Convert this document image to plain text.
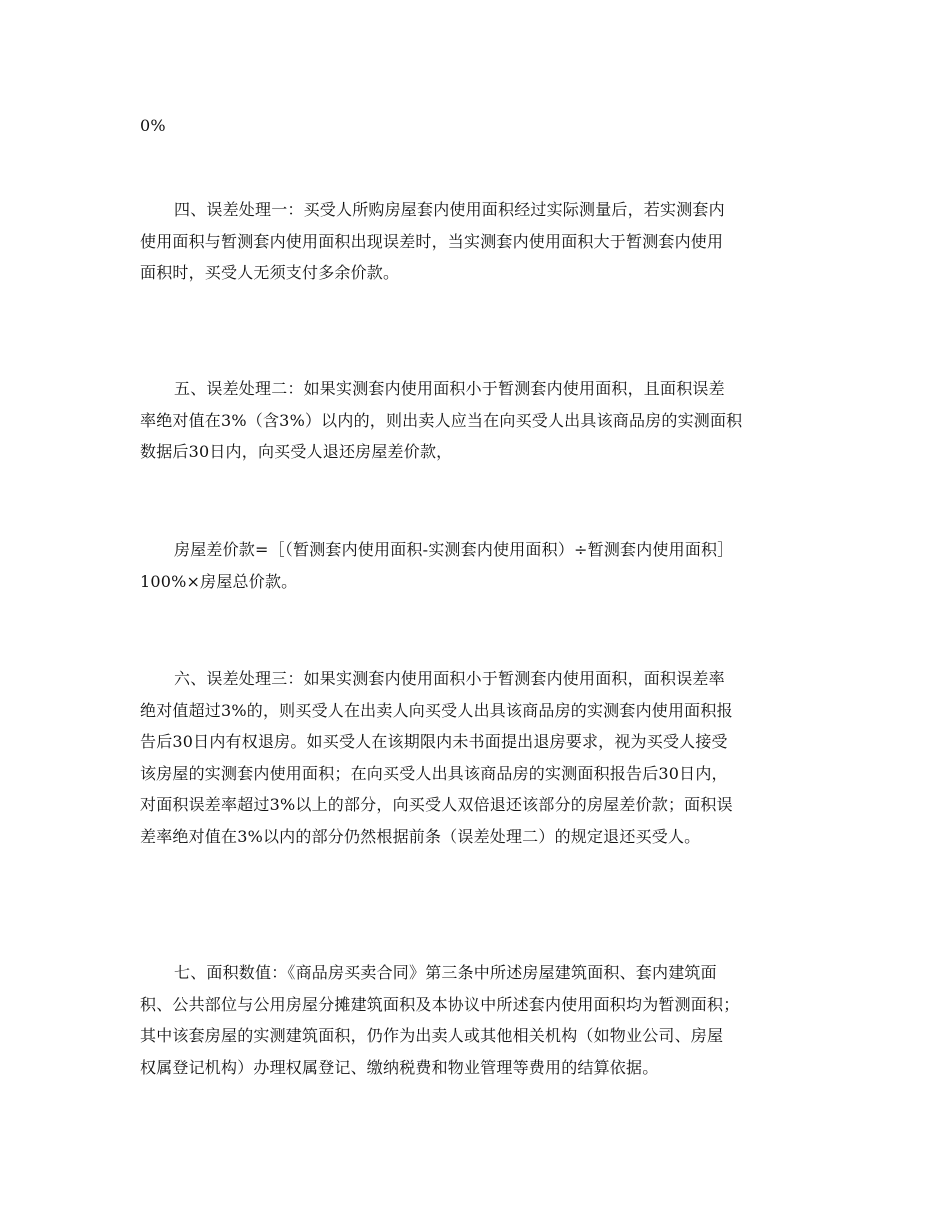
0%

四、误差处理一：买受人所购房屋套内使用面积经过实际测量后，若实测套内
使用面积与暂测套内使用面积出现误差时，当实测套内使用面积大于暂测套内使用
面积时，买受人无须支付多余价款。

五、误差处理二：如果实测套内使用面积小于暂测套内使用面积，且面积误差
率绝对值在3%（含3%）以内的，则出卖人应当在向买受人出具该商品房的实测面积
数据后30日内，向买受人退还房屋差价款，

房屋差价款=［（暂测套内使用面积-实测套内使用面积）÷暂测套内使用面积］
100%×房屋总价款。

六、误差处理三：如果实测套内使用面积小于暂测套内使用面积，面积误差率
绝对值超过3%的，则买受人在出卖人向买受人出具该商品房的实测套内使用面积报
告后30日内有权退房。如买受人在该期限内未书面提出退房要求，视为买受人接受
该房屋的实测套内使用面积；在向买受人出具该商品房的实测面积报告后30日内，
对面积误差率超过3%以上的部分，向买受人双倍退还该部分的房屋差价款；面积误
差率绝对值在3%以内的部分仍然根据前条（误差处理二）的规定退还买受人。

七、面积数值：《商品房买卖合同》第三条中所述房屋建筑面积、套内建筑面
积、公共部位与公用房屋分摊建筑面积及本协议中所述套内使用面积均为暂测面积；
其中该套房屋的实测建筑面积，仍作为出卖人或其他相关机构（如物业公司、房屋
权属登记机构）办理权属登记、缴纳税费和物业管理等费用的结算依据。
